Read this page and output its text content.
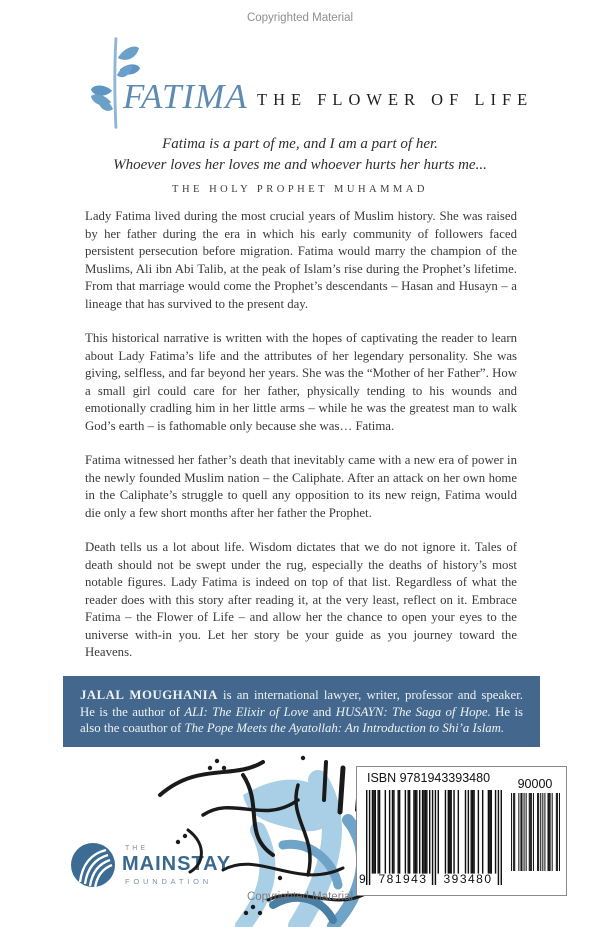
Copyrighted Material
FATIMA THE FLOWER OF LIFE
Fatima is a part of me, and I am a part of her.
Whoever loves her loves me and whoever hurts her hurts me...
THE HOLY PROPHET MUHAMMAD

Lady Fatima lived during the most crucial years of Muslim history. She was raised by her father during the era in which his early community of followers faced persistent persecution before migration. Fatima would marry the champion of the Muslims, Ali ibn Abi Talib, at the peak of Islam’s rise during the Prophet’s lifetime. From that marriage would come the Prophet’s descendants – Hasan and Husayn – a lineage that has survived to the present day.

This historical narrative is written with the hopes of captivating the reader to learn about Lady Fatima’s life and the attributes of her legendary personality. She was giving, selfless, and far beyond her years. She was the “Mother of her Father”. How a small girl could care for her father, physically tending to his wounds and emotionally cradling him in her little arms – while he was the greatest man to walk God’s earth – is fathomable only because she was… Fatima.

Fatima witnessed her father’s death that inevitably came with a new era of power in the newly founded Muslim nation – the Caliphate. After an attack on her own home in the Caliphate’s struggle to quell any opposition to its new reign, Fatima would die only a few short months after her father the Prophet.

Death tells us a lot about life. Wisdom dictates that we do not ignore it. Tales of death should not be swept under the rug, especially the deaths of history’s most notable figures. Lady Fatima is indeed on top of that list. Regardless of what the reader does with this story after reading it, at the very least, reflect on it. Embrace Fatima – the Flower of Life – and allow her the chance to open your eyes to the universe with-in you. Let her story be your guide as you journey toward the Heavens.

JALAL MOUGHANIA is an international lawyer, writer, professor and speaker. He is the author of ALI: The Elixir of Love and HUSAYN: The Saga of Hope. He is also the coauthor of The Pope Meets the Ayatollah: An Introduction to Shi’a Islam.

THE
MAINSTAY
FOUNDATION
ISBN 9781943393480	90000
9	781943	393480
Copyrighted Material
